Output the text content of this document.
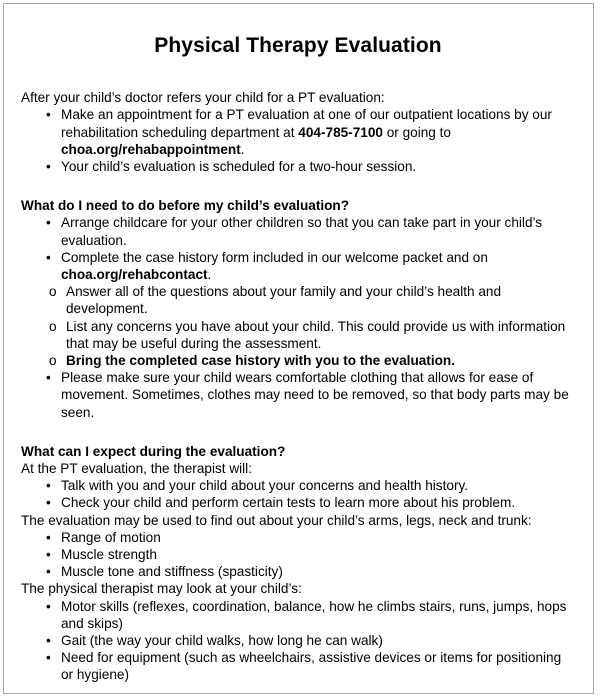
Physical Therapy Evaluation

After your child’s doctor refers your child for a PT evaluation:

• Make an appointment for a PT evaluation at one of our outpatient locations by our rehabilitation scheduling department at 404-785-7100 or going to choa.org/rehabappointment.
• Your child’s evaluation is scheduled for a two-hour session.
What do I need to do before my child’s evaluation?
• Arrange childcare for your other children so that you can take part in your child’s evaluation.
• Complete the case history form included in our welcome packet and on choa.org/rehabcontact.
o Answer all of the questions about your family and your child’s health and development.
o List any concerns you have about your child. This could provide us with information that may be useful during the assessment.
o Bring the completed case history with you to the evaluation.
• Please make sure your child wears comfortable clothing that allows for ease of movement. Sometimes, clothes may need to be removed, so that body parts may be seen.
What can I expect during the evaluation?

At the PT evaluation, the therapist will:

• Talk with you and your child about your concerns and health history.
• Check your child and perform certain tests to learn more about his problem.

The evaluation may be used to find out about your child’s arms, legs, neck and trunk:

• Range of motion
• Muscle strength
• Muscle tone and stiffness (spasticity)

The physical therapist may look at your child’s:

• Motor skills (reflexes, coordination, balance, how he climbs stairs, runs, jumps, hops and skips)
• Gait (the way your child walks, how long he can walk)
• Need for equipment (such as wheelchairs, assistive devices or items for positioning or hygiene)
